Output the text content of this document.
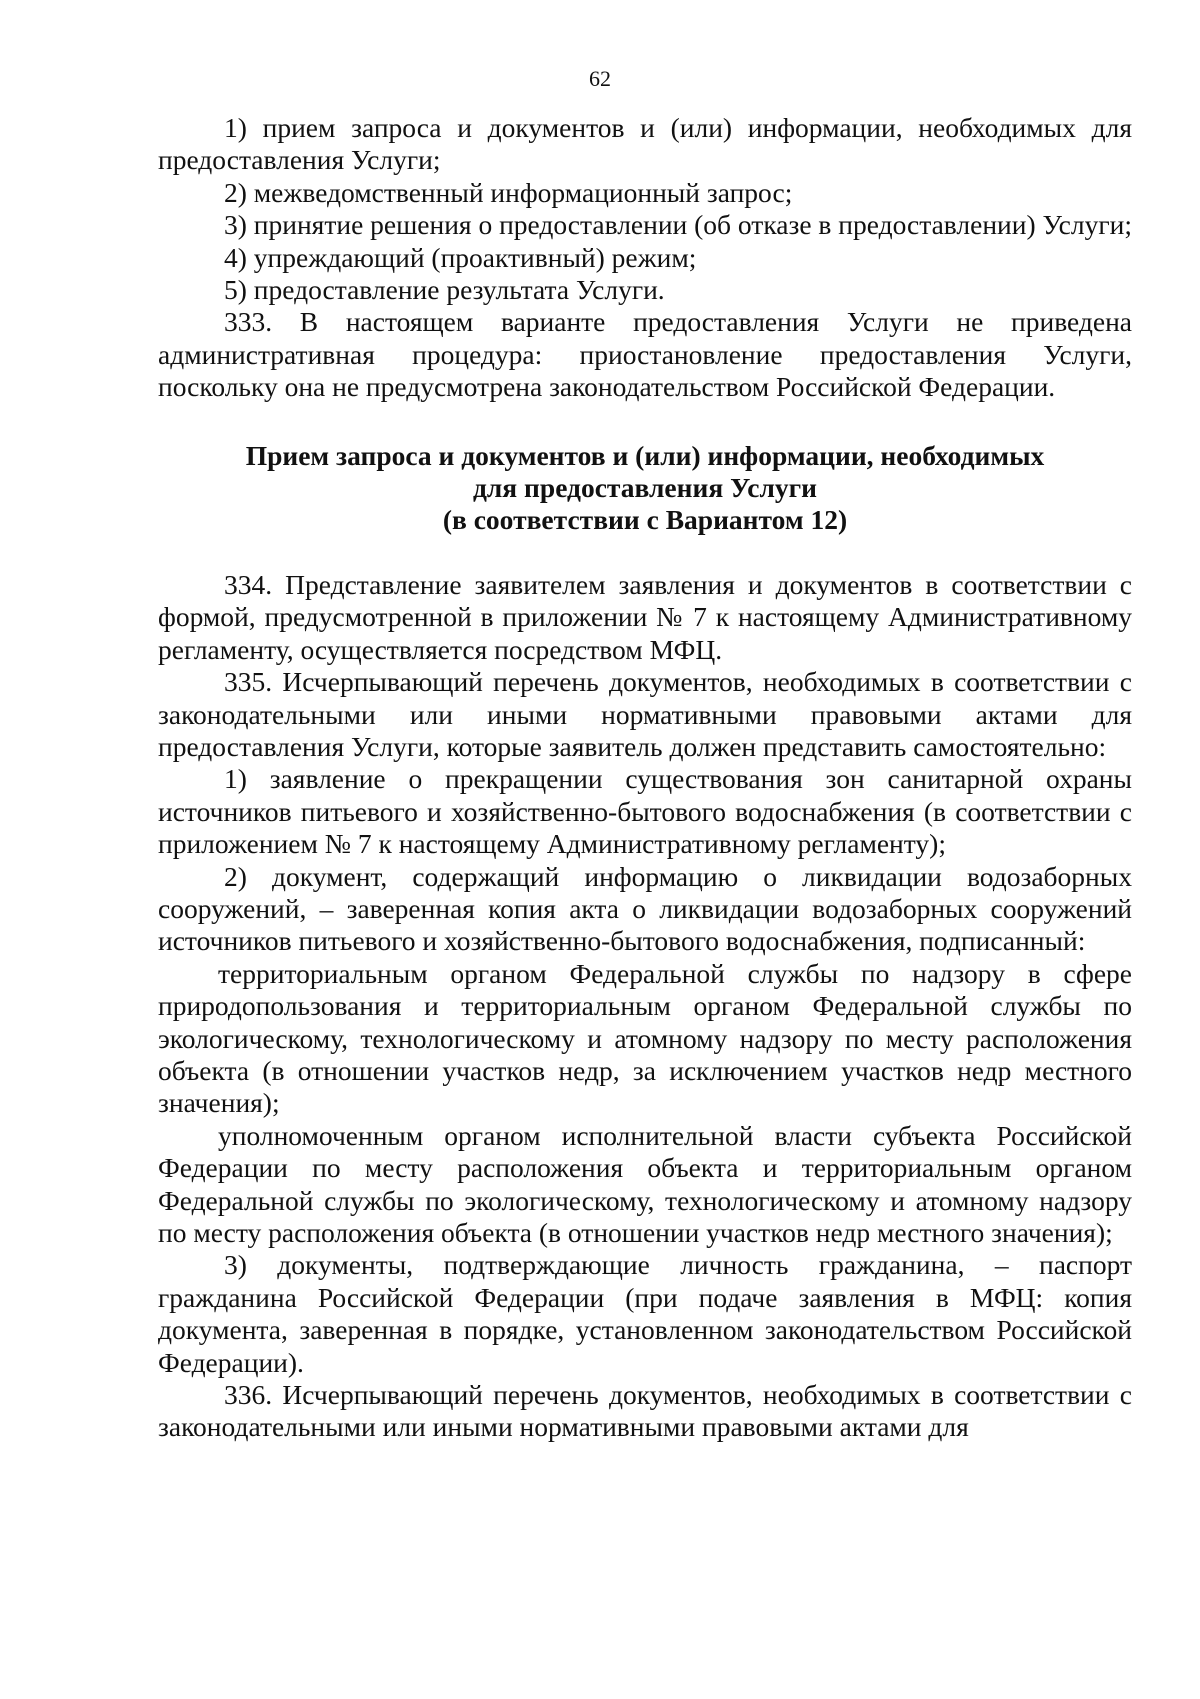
62

1) прием запроса и документов и (или) информации, необходимых для предоставления Услуги;

2) межведомственный информационный запрос;

3) принятие решения о предоставлении (об отказе в предоставлении) Услуги;

4) упреждающий (проактивный) режим;

5) предоставление результата Услуги.

333. В настоящем варианте предоставления Услуги не приведена административная процедура: приостановление предоставления Услуги, поскольку она не предусмотрена законодательством Российской Федерации.

Прием запроса и документов и (или) информации, необходимых
для предоставления Услуги
(в соответствии с Вариантом 12)

334. Представление заявителем заявления и документов в соответствии с формой, предусмотренной в приложении № 7 к настоящему Административному регламенту, осуществляется посредством МФЦ.

335. Исчерпывающий перечень документов, необходимых в соответствии с законодательными или иными нормативными правовыми актами для предоставления Услуги, которые заявитель должен представить самостоятельно:

1) заявление о прекращении существования зон санитарной охраны источников питьевого и хозяйственно-бытового водоснабжения (в соответствии с приложением № 7 к настоящему Административному регламенту);

2) документ, содержащий информацию о ликвидации водозаборных сооружений, – заверенная копия акта о ликвидации водозаборных сооружений источников питьевого и хозяйственно-бытового водоснабжения, подписанный:

территориальным органом Федеральной службы по надзору в сфере природопользования и территориальным органом Федеральной службы по экологическому, технологическому и атомному надзору по месту расположения объекта (в отношении участков недр, за исключением участков недр местного значения);

уполномоченным органом исполнительной власти субъекта Российской Федерации по месту расположения объекта и территориальным органом Федеральной службы по экологическому, технологическому и атомному надзору по месту расположения объекта (в отношении участков недр местного значения);

3) документы, подтверждающие личность гражданина, – паспорт гражданина Российской Федерации (при подаче заявления в МФЦ: копия документа, заверенная в порядке, установленном законодательством Российской Федерации).

336. Исчерпывающий перечень документов, необходимых в соответствии с законодательными или иными нормативными правовыми актами для
